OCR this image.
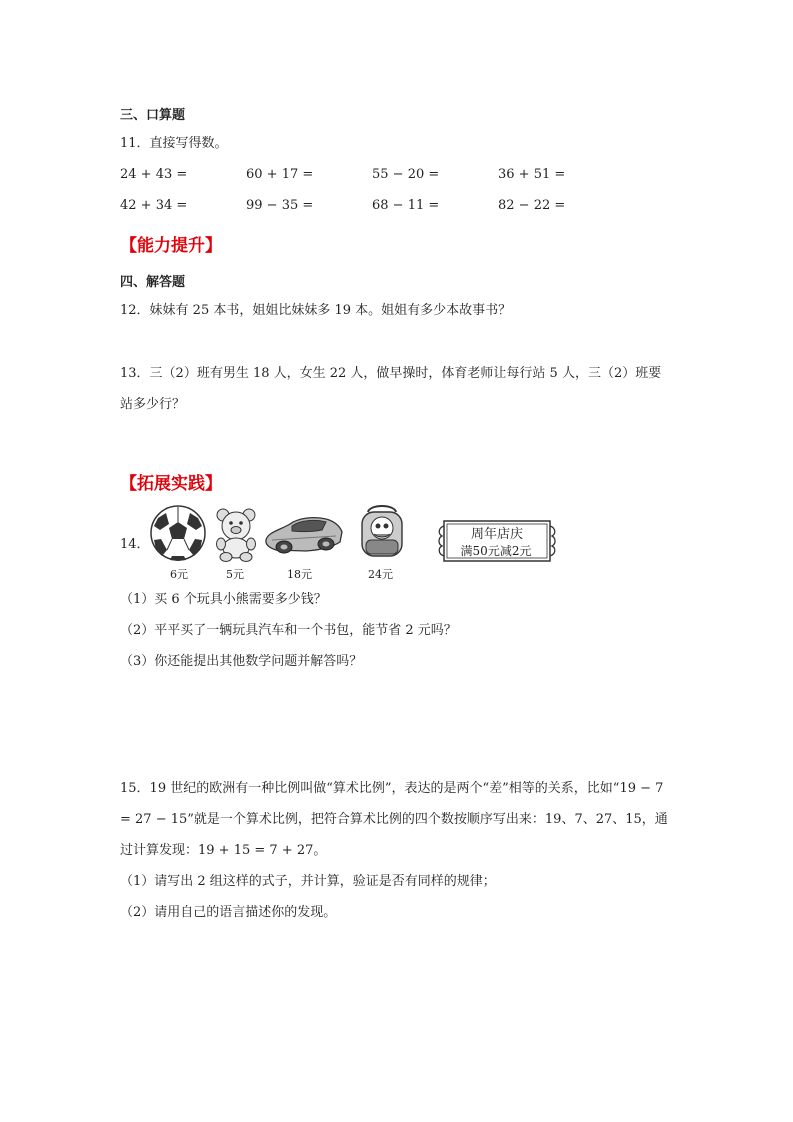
三、口算题
11．直接写得数。
24 + 43 =	60 + 17 =	55 − 20 =	36 + 51 =
42 + 34 =	99 − 35 =	68 − 11 =	82 − 22 =
【能力提升】
四、解答题
12．妹妹有 25 本书，姐姐比妹妹多 19 本。姐姐有多少本故事书？
13．三（2）班有男生 18 人，女生 22 人，做早操时，体育老师让每行站 5 人，三（2）班要
站多少行？
【拓展实践】
14．
6元	5元	18元	24元
周年店庆
满50元减2元
（1）买 6 个玩具小熊需要多少钱？
（2）平平买了一辆玩具汽车和一个书包，能节省 2 元吗？
（3）你还能提出其他数学问题并解答吗？
15．19 世纪的欧洲有一种比例叫做“算术比例”，表达的是两个“差”相等的关系，比如“19 − 7
= 27 − 15”就是一个算术比例，把符合算术比例的四个数按顺序写出来：19、7、27、15，通
过计算发现：19 + 15 = 7 + 27。
（1）请写出 2 组这样的式子，并计算，验证是否有同样的规律；
（2）请用自己的语言描述你的发现。
